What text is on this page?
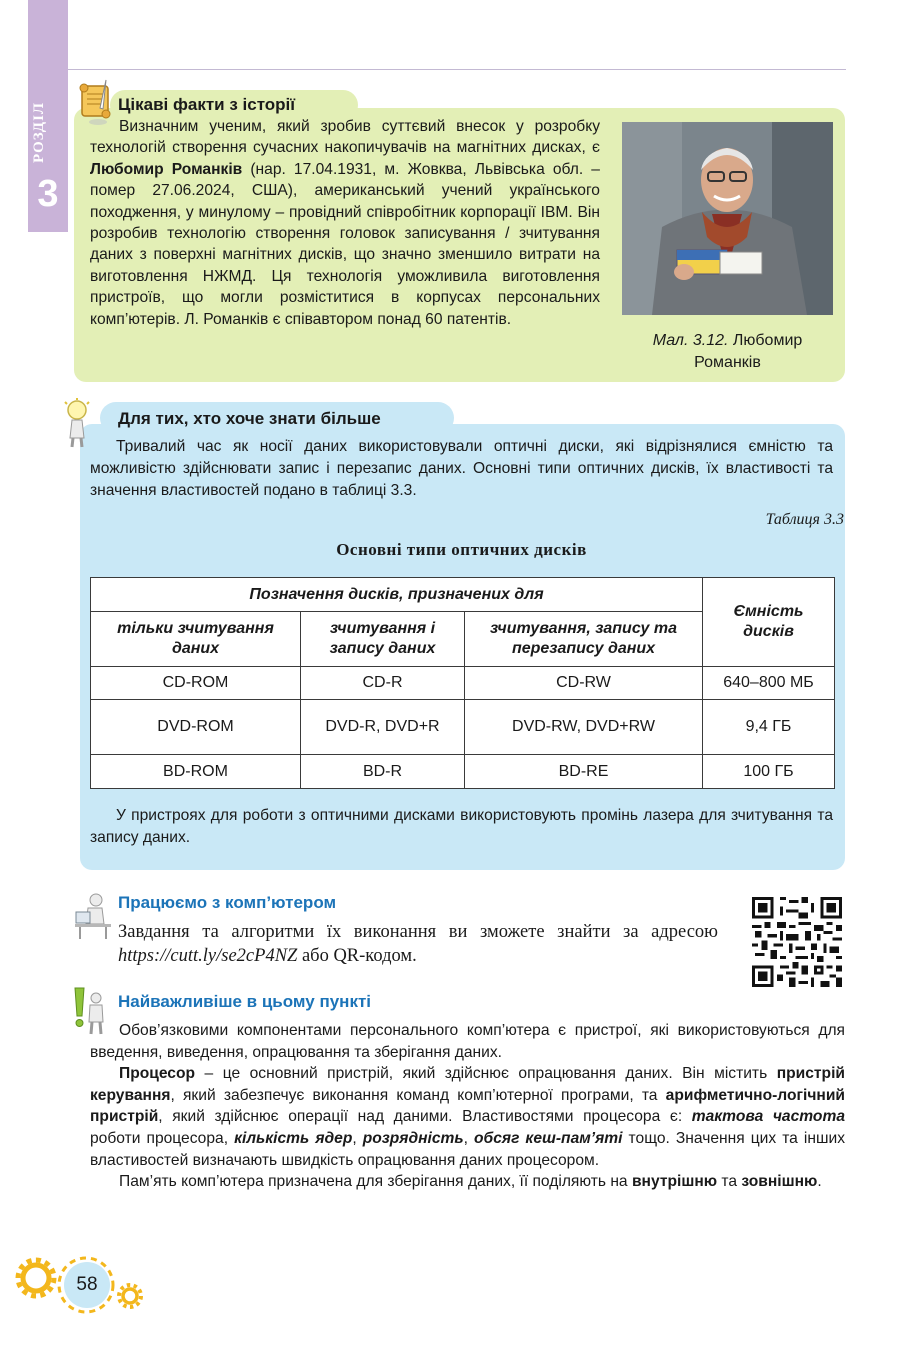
РОЗДІЛ
3
Цікаві факти з історії

Визначним ученим, який зробив суттєвий внесок у розробку технологій створення сучасних накопичувачів на магнітних дисках, є Любомир Романків (нар. 17.04.1931, м. Жовква, Львівська обл. – помер 27.06.2024, США), американський учений українського походження, у минулому – провідний співробітник корпорації IBM. Він розробив технологію створення головок записування / зчитування даних з поверхні магнітних дисків, що значно зменшило витрати на виготовлення НЖМД. Ця технологія уможливила виготовлення пристроїв, що могли розміститися в корпусах персональних комп’ютерів. Л. Романків є співавтором понад 60 патентів.

Мал. 3.12. Любомир Романків
Для тих, хто хоче знати більше

Тривалий час як носії даних використовували оптичні диски, які відрізнялися ємністю та можливістю здійснювати запис і перезапис даних. Основні типи оптичних дисків, їх властивості та значення властивостей подано в таблиці 3.3.

Таблиця 3.3
Основні типи оптичних дисків
Позначення дисків, призначених для			Ємність дисків
тільки зчитування даних	зчитування і запису даних	зчитування, запису та перезапису даних	
CD-ROM	CD-R	CD-RW	640–800 МБ
DVD-ROM	DVD-R, DVD+R	DVD-RW, DVD+RW	9,4 ГБ
BD-ROM	BD-R	BD-RE	100 ГБ

У пристроях для роботи з оптичними дисками використовують промінь лазера для зчитування та запису даних.

Працюємо з комп’ютером
Завдання та алгоритми їх виконання ви зможете знайти за адресою https://cutt.ly/se2cP4NZ або QR-кодом.
Найважливіше в цьому пункті

Обов’язковими компонентами персонального комп’ютера є пристрої, які використовуються для введення, виведення, опрацювання та зберігання даних.

Процесор – це основний пристрій, який здійснює опрацювання даних. Він містить пристрій керування, який забезпечує виконання команд комп’ютерної програми, та арифметично-логічний пристрій, який здійснює операції над даними. Властивостями процесора є: тактова частота роботи процесора, кількість ядер, розрядність, обсяг кеш-пам’яті тощо. Значення цих та інших властивостей визначають швидкість опрацювання даних процесором.

Пам’ять комп’ютера призначена для зберігання даних, її поділяють на внутрішню та зовнішню.

58
